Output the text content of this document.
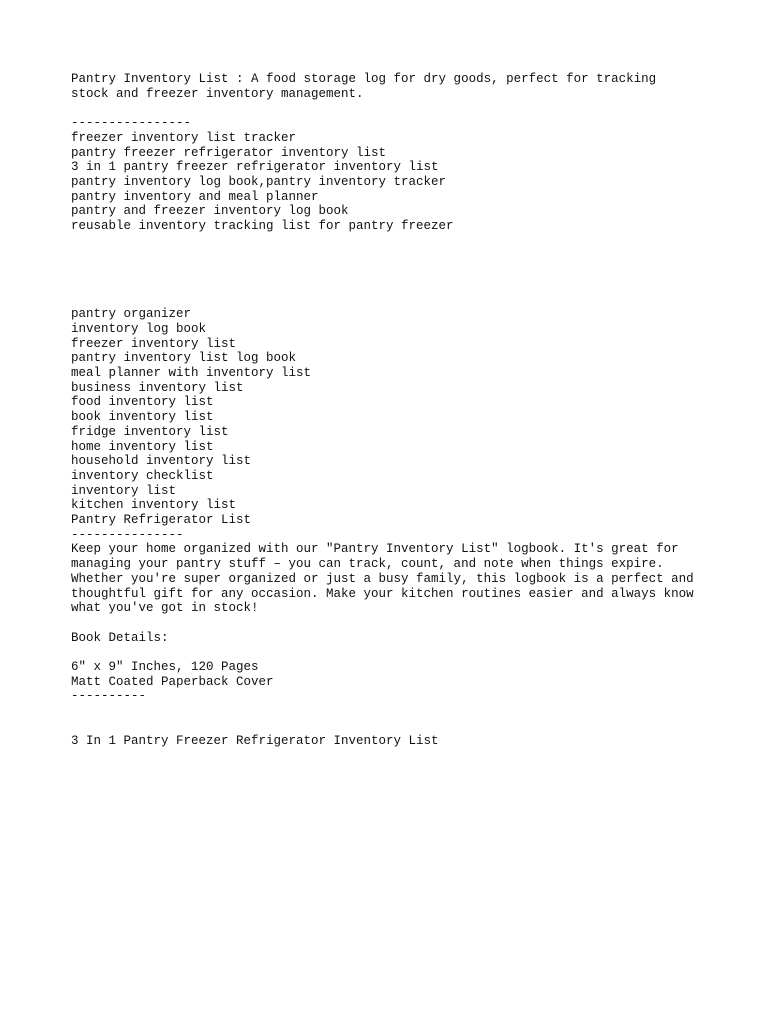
Pantry Inventory List : A food storage log for dry goods, perfect for tracking
stock and freezer inventory management.
----------------
freezer inventory list tracker
pantry freezer refrigerator inventory list
3 in 1 pantry freezer refrigerator inventory list
pantry inventory log book,pantry inventory tracker
pantry inventory and meal planner
pantry and freezer inventory log book
reusable inventory tracking list for pantry freezer
pantry organizer
inventory log book
freezer inventory list
pantry inventory list log book
meal planner with inventory list
business inventory list
food inventory list
book inventory list
fridge inventory list
home inventory list
household inventory list
inventory checklist
inventory list
kitchen inventory list
Pantry Refrigerator List
---------------
Keep your home organized with our "Pantry Inventory List" logbook. It's great for
managing your pantry stuff – you can track, count, and note when things expire.
Whether you're super organized or just a busy family, this logbook is a perfect and
thoughtful gift for any occasion. Make your kitchen routines easier and always know
what you've got in stock!
Book Details:
6" x 9" Inches, 120 Pages
Matt Coated Paperback Cover
----------
3 In 1 Pantry Freezer Refrigerator Inventory List
